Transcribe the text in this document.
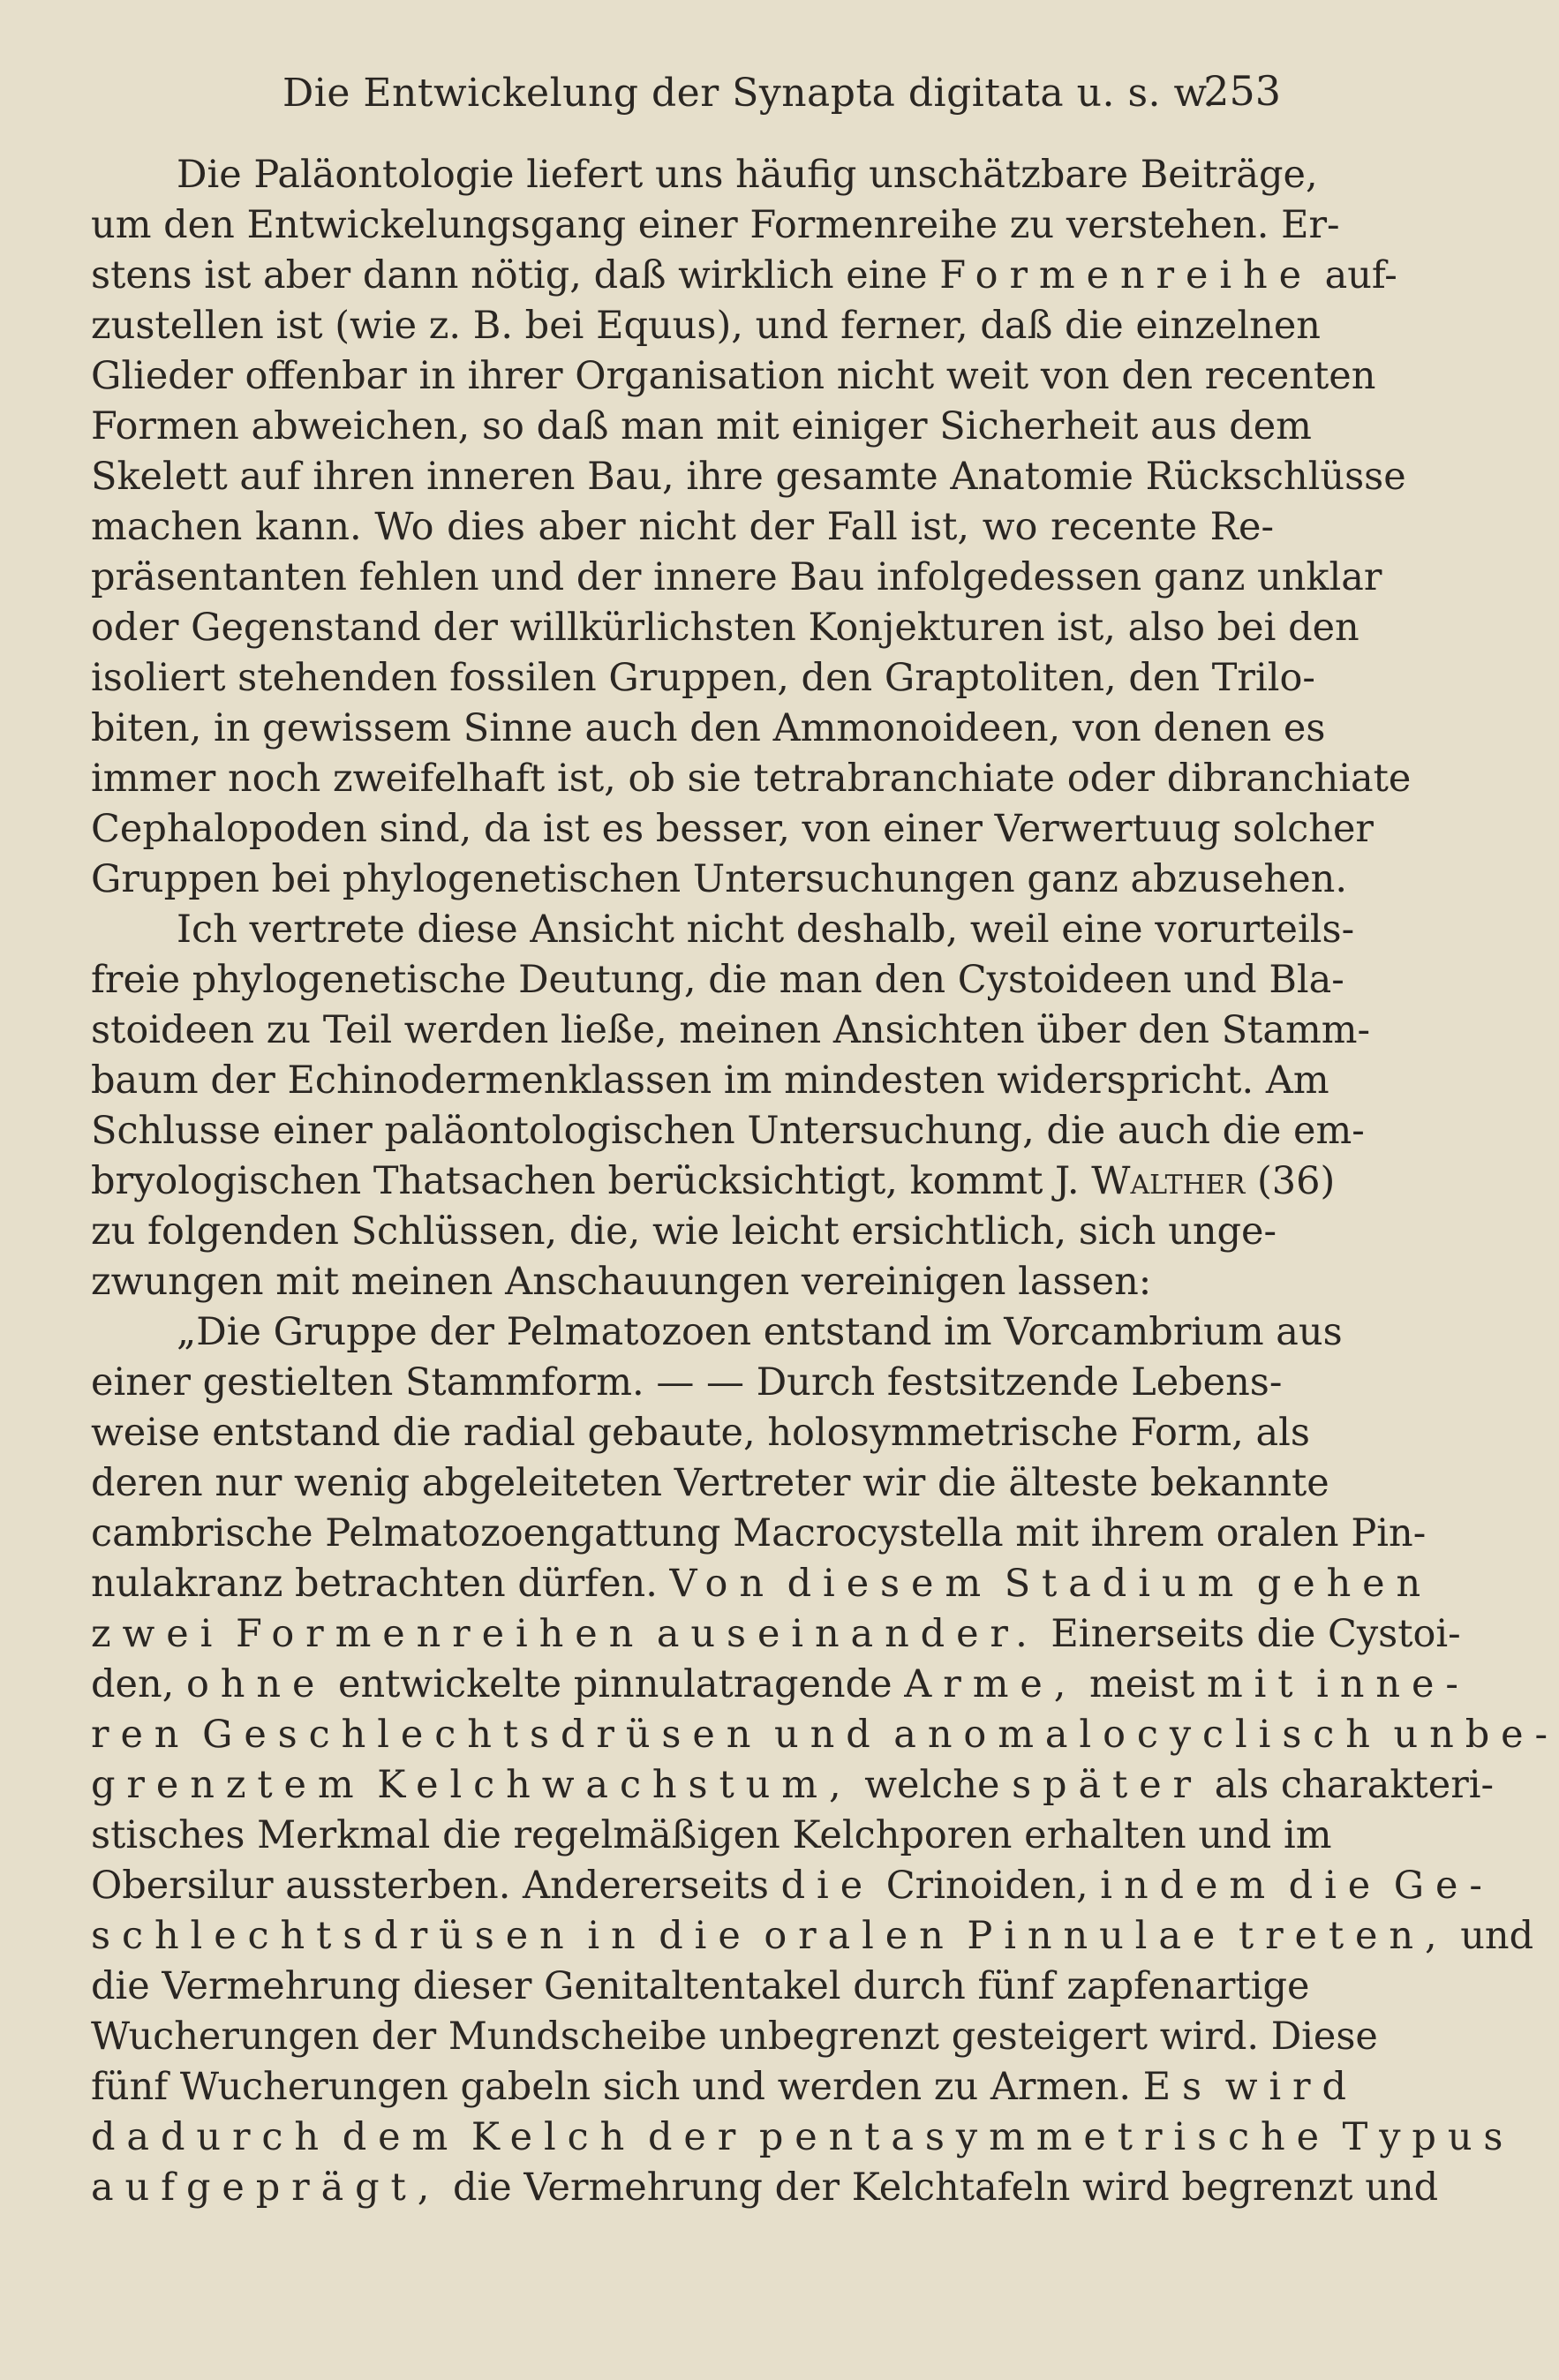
Die Entwickelung der Synapta digitata u. s. w.
253
Die Paläontologie liefert uns häufig unschätzbare Beiträge,
um den Entwickelungsgang einer Formenreihe zu verstehen. Er-
stens ist aber dann nötig, daß wirklich eine Formenreihe auf-
zustellen ist (wie z. B. bei Equus), und ferner, daß die einzelnen
Glieder offenbar in ihrer Organisation nicht weit von den recenten
Formen abweichen, so daß man mit einiger Sicherheit aus dem
Skelett auf ihren inneren Bau, ihre gesamte Anatomie Rückschlüsse
machen kann. Wo dies aber nicht der Fall ist, wo recente Re-
präsentanten fehlen und der innere Bau infolgedessen ganz unklar
oder Gegenstand der willkürlichsten Konjekturen ist, also bei den
isoliert stehenden fossilen Gruppen, den Graptoliten, den Trilo-
biten, in gewissem Sinne auch den Ammonoideen, von denen es
immer noch zweifelhaft ist, ob sie tetrabranchiate oder dibranchiate
Cephalopoden sind, da ist es besser, von einer Verwertuug solcher
Gruppen bei phylogenetischen Untersuchungen ganz abzusehen.
Ich vertrete diese Ansicht nicht deshalb, weil eine vorurteils-
freie phylogenetische Deutung, die man den Cystoideen und Bla-
stoideen zu Teil werden ließe, meinen Ansichten über den Stamm-
baum der Echinodermenklassen im mindesten widerspricht. Am
Schlusse einer paläontologischen Untersuchung, die auch die em-
bryologischen Thatsachen berücksichtigt, kommt J. Walther (36)
zu folgenden Schlüssen, die, wie leicht ersichtlich, sich unge-
zwungen mit meinen Anschauungen vereinigen lassen:
„Die Gruppe der Pelmatozoen entstand im Vorcambrium aus
einer gestielten Stammform. — — Durch festsitzende Lebens-
weise entstand die radial gebaute, holosymmetrische Form, als
deren nur wenig abgeleiteten Vertreter wir die älteste bekannte
cambrische Pelmatozoengattung Macrocystella mit ihrem oralen Pin-
nulakranz betrachten dürfen. Von diesem Stadium gehen
zwei Formenreihen auseinander. Einerseits die Cystoi-
den, ohne entwickelte pinnulatragende Arme, meist mit inne-
ren Geschlechtsdrüsen und anomalocyclisch unbe-
grenztem Kelchwachstum, welche später als charakteri-
stisches Merkmal die regelmäßigen Kelchporen erhalten und im
Obersilur aussterben. Andererseits die Crinoiden, indem die Ge-
schlechtsdrüsen in die oralen Pinnulae treten, und
die Vermehrung dieser Genitaltentakel durch fünf zapfenartige
Wucherungen der Mundscheibe unbegrenzt gesteigert wird. Diese
fünf Wucherungen gabeln sich und werden zu Armen. Es wird
dadurch dem Kelch der pentasymmetrische Typus
aufgeprägt, die Vermehrung der Kelchtafeln wird begrenzt und
